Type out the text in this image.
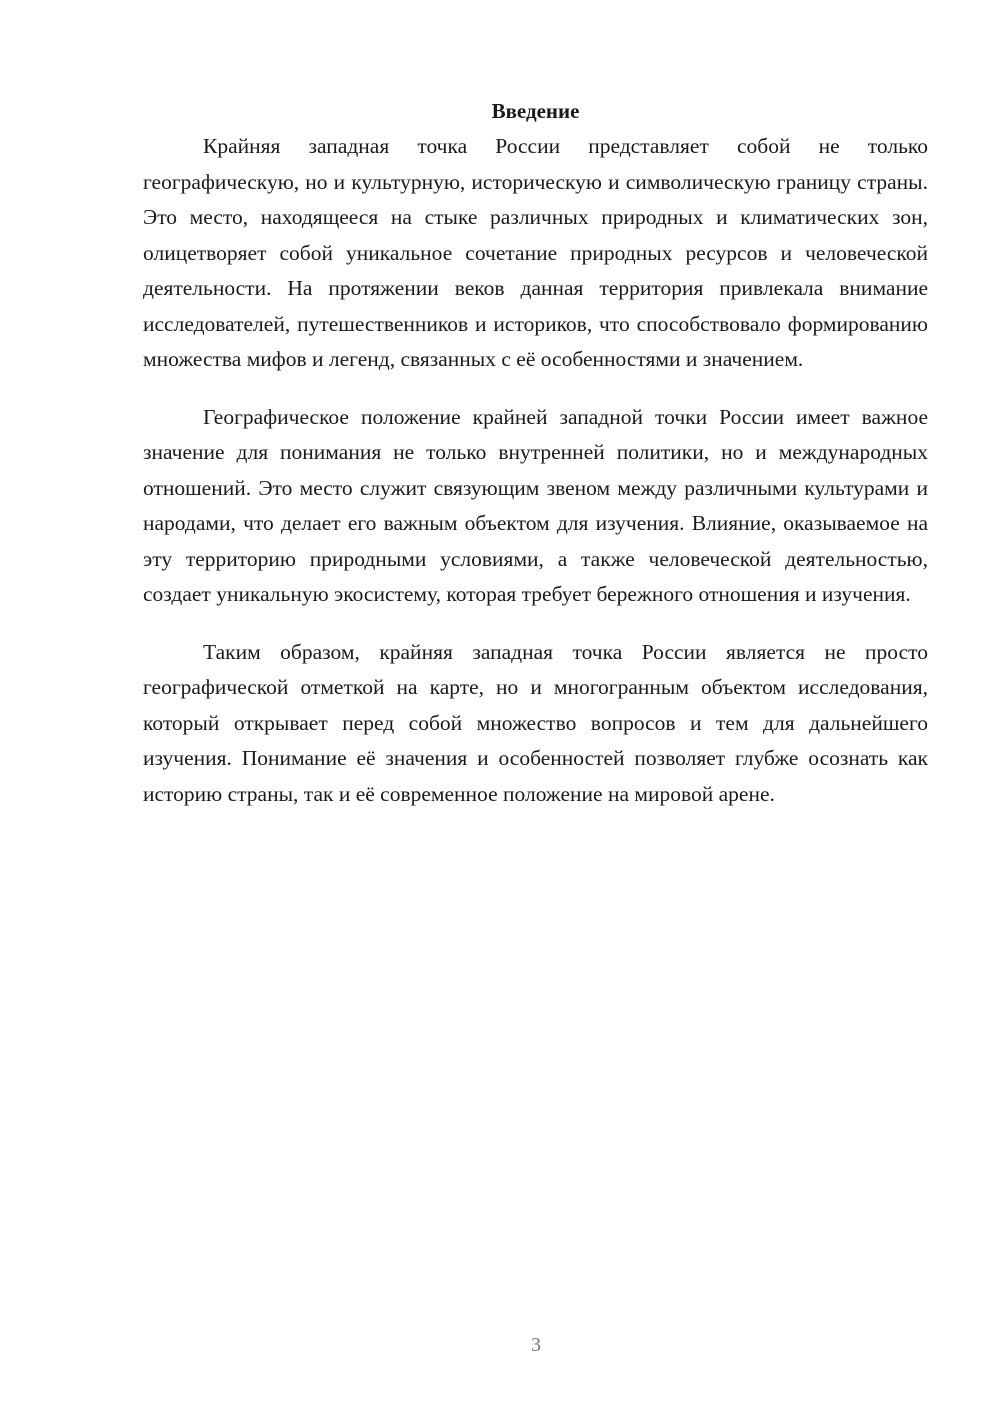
Введение

Крайняя западная точка России представляет собой не только географическую, но и культурную, историческую и символическую границу страны. Это место, находящееся на стыке различных природных и климатических зон, олицетворяет собой уникальное сочетание природных ресурсов и человеческой деятельности. На протяжении веков данная территория привлекала внимание исследователей, путешественников и историков, что способствовало формированию множества мифов и легенд, связанных с её особенностями и значением.

Географическое положение крайней западной точки России имеет важное значение для понимания не только внутренней политики, но и международных отношений. Это место служит связующим звеном между различными культурами и народами, что делает его важным объектом для изучения. Влияние, оказываемое на эту территорию природными условиями, а также человеческой деятельностью, создает уникальную экосистему, которая требует бережного отношения и изучения.

Таким образом, крайняя западная точка России является не просто географической отметкой на карте, но и многогранным объектом исследования, который открывает перед собой множество вопросов и тем для дальнейшего изучения. Понимание её значения и особенностей позволяет глубже осознать как историю страны, так и её современное положение на мировой арене.

3
